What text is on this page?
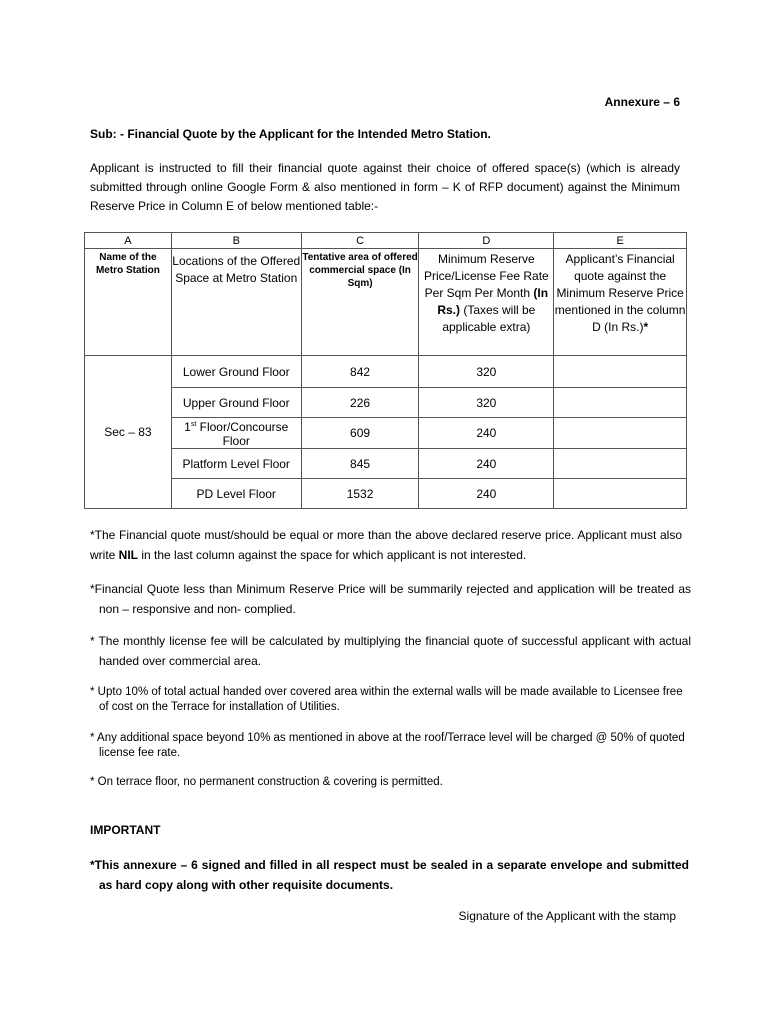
Annexure – 6
Sub: - Financial Quote by the Applicant for the Intended Metro Station.
Applicant is instructed to fill their financial quote against their choice of offered space(s) (which is already submitted through online Google Form & also mentioned in form – K of RFP document) against the Minimum Reserve Price in Column E of below mentioned table:-
A	B	C	D	E
Name of the Metro Station	Locations of the Offered Space at Metro Station	Tentative area of offered commercial space (In Sqm)	Minimum Reserve Price/License Fee Rate Per Sqm Per Month (In Rs.) (Taxes will be applicable extra)	Applicant’s Financial quote against the Minimum Reserve Price mentioned in the column D (In Rs.)*
Sec – 83	Lower Ground Floor	842	320	
	Upper Ground Floor	226	320	
	1st Floor/Concourse Floor	609	240	
	Platform Level Floor	845	240	
	PD Level Floor	1532	240	
*The Financial quote must/should be equal or more than the above declared reserve price. Applicant must also write NIL in the last column against the space for which applicant is not interested.
*Financial Quote less than Minimum Reserve Price will be summarily rejected and application will be treated as non – responsive and non- complied.
* The monthly license fee will be calculated by multiplying the financial quote of successful applicant with actual handed over commercial area.
* Upto 10% of total actual handed over covered area within the external walls will be made available to Licensee free of cost on the Terrace for installation of Utilities.
* Any additional space beyond 10% as mentioned in above at the roof/Terrace level will be charged @ 50% of quoted license fee rate.
* On terrace floor, no permanent construction & covering is permitted.
IMPORTANT
*This annexure – 6 signed and filled in all respect must be sealed in a separate envelope and submitted as hard copy along with other requisite documents.
Signature of the Applicant with the stamp
